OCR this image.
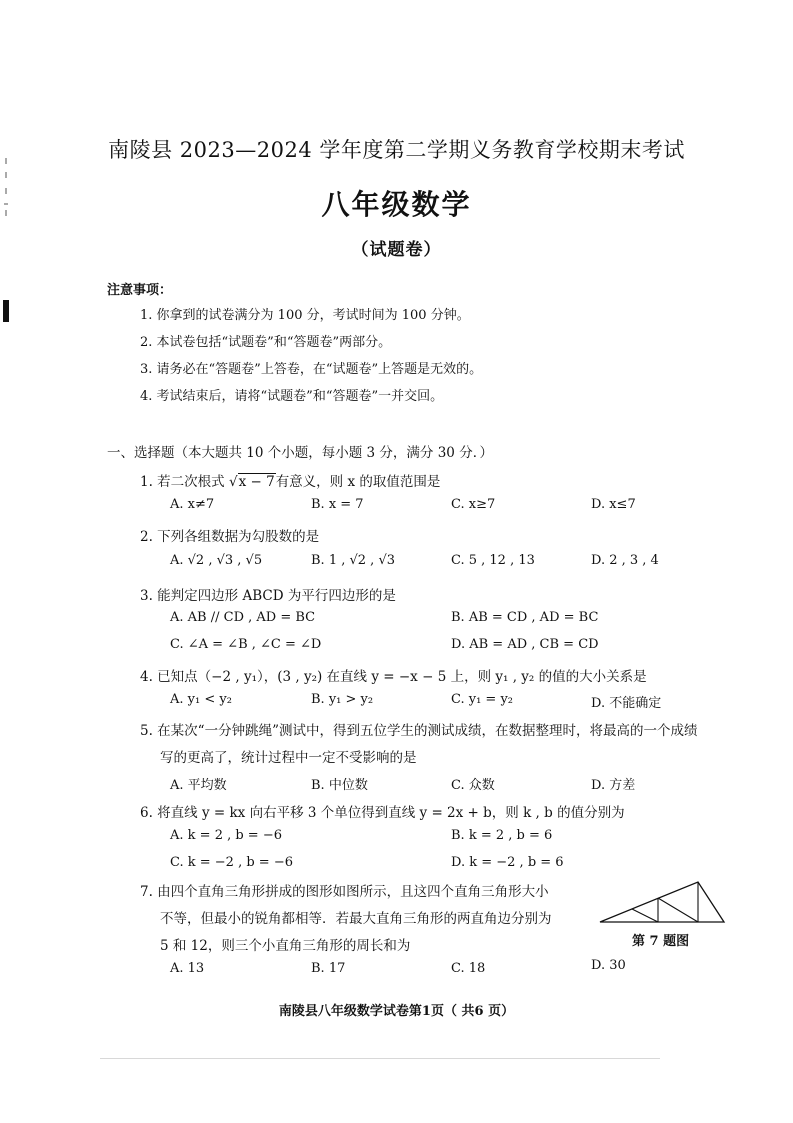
南陵县 2023—2024 学年度第二学期义务教育学校期末考试
八年级数学
（试题卷）
注意事项：
1. 你拿到的试卷满分为 100 分，考试时间为 100 分钟。
2. 本试卷包括“试题卷”和“答题卷”两部分。
3. 请务必在“答题卷”上答卷，在“试题卷”上答题是无效的。
4. 考试结束后，请将“试题卷”和“答题卷”一并交回。
一、选择题（本大题共 10 个小题，每小题 3 分，满分 30 分．）
1. 若二次根式 √x − 7有意义，则 x 的取值范围是
A. x≠7	B. x = 7	C. x≥7	D. x≤7
2. 下列各组数据为勾股数的是
A. √2 , √3 , √5	B. 1 , √2 , √3	C. 5 , 12 , 13	D. 2 , 3 , 4
3. 能判定四边形 ABCD 为平行四边形的是
A. AB // CD , AD = BC	B. AB = CD , AD = BC
C. ∠A = ∠B , ∠C = ∠D	D. AB = AD , CB = CD
4. 已知点（−2 , y₁），(3 , y₂) 在直线 y = −x − 5 上，则 y₁ , y₂ 的值的大小关系是
A. y₁ < y₂	B. y₁ > y₂	C. y₁ = y₂	D. 不能确定
5. 在某次“一分钟跳绳”测试中，得到五位学生的测试成绩，在数据整理时，将最高的一个成绩
写的更高了，统计过程中一定不受影响的是
A. 平均数	B. 中位数	C. 众数	D. 方差
6. 将直线 y = kx 向右平移 3 个单位得到直线 y = 2x + b，则 k , b 的值分别为
A. k = 2 , b = −6	B. k = 2 , b = 6
C. k = −2 , b = −6	D. k = −2 , b = 6
7. 由四个直角三角形拼成的图形如图所示，且这四个直角三角形大小
不等，但最小的锐角都相等．若最大直角三角形的两直角边分别为
5 和 12，则三个小直角三角形的周长和为
A. 13	B. 17	C. 18	D. 30
第 7 题图
南陵县八年级数学试卷第1页（ 共6 页）
